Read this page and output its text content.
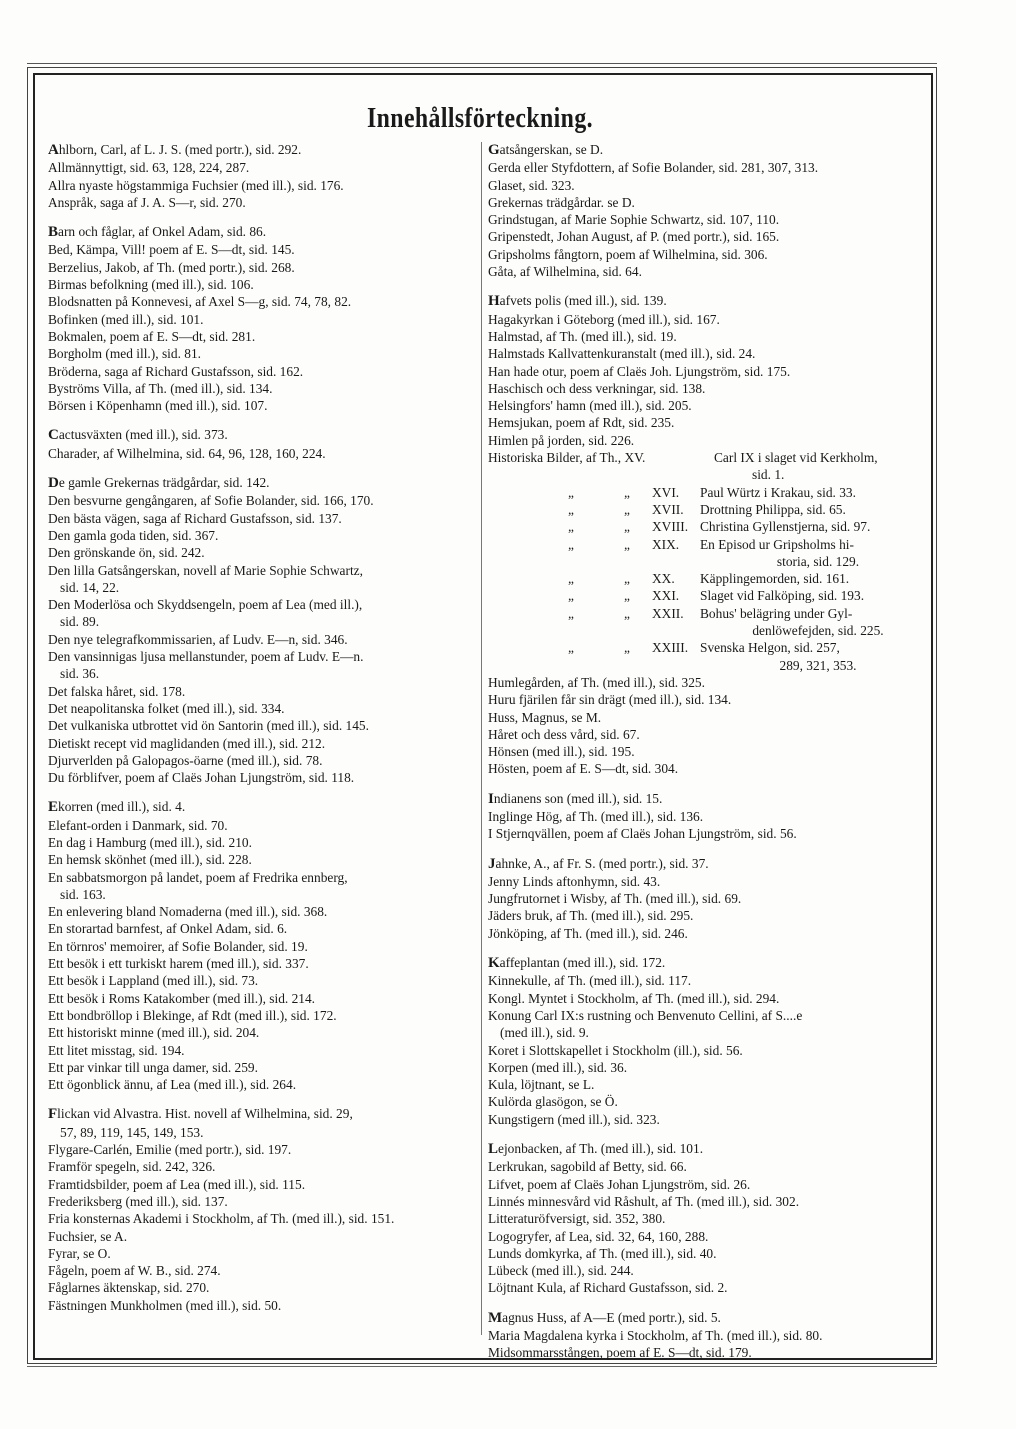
Innehållsförteckning.
Ahlborn, Carl, af L. J. S. (med portr.), sid. 292.
Allmännyttigt, sid. 63, 128, 224, 287.
Allra nyaste högstammiga Fuchsier (med ill.), sid. 176.
Anspråk, saga af J. A. S—r, sid. 270.
Barn och fåglar, af Onkel Adam, sid. 86.
Bed, Kämpa, Vill! poem af E. S—dt, sid. 145.
Berzelius, Jakob, af Th. (med portr.), sid. 268.
Birmas befolkning (med ill.), sid. 106.
Blodsnatten på Konnevesi, af Axel S—g, sid. 74, 78, 82.
Bofinken (med ill.), sid. 101.
Bokmalen, poem af E. S—dt, sid. 281.
Borgholm (med ill.), sid. 81.
Bröderna, saga af Richard Gustafsson, sid. 162.
Byströms Villa, af Th. (med ill.), sid. 134.
Börsen i Köpenhamn (med ill.), sid. 107.
Cactusväxten (med ill.), sid. 373.
Charader, af Wilhelmina, sid. 64, 96, 128, 160, 224.
De gamle Grekernas trädgårdar, sid. 142.
Den besvurne gengångaren, af Sofie Bolander, sid. 166, 170.
Den bästa vägen, saga af Richard Gustafsson, sid. 137.
Den gamla goda tiden, sid. 367.
Den grönskande ön, sid. 242.
Den lilla Gatsångerskan, novell af Marie Sophie Schwartz,
sid. 14, 22.
Den Moderlösa och Skyddsengeln, poem af Lea (med ill.),
sid. 89.
Den nye telegrafkommissarien, af Ludv. E—n, sid. 346.
Den vansinnigas ljusa mellanstunder, poem af Ludv. E—n.
sid. 36.
Det falska håret, sid. 178.
Det neapolitanska folket (med ill.), sid. 334.
Det vulkaniska utbrottet vid ön Santorin (med ill.), sid. 145.
Dietiskt recept vid maglidanden (med ill.), sid. 212.
Djurverlden på Galopagos-öarne (med ill.), sid. 78.
Du förblifver, poem af Claës Johan Ljungström, sid. 118.
Ekorren (med ill.), sid. 4.
Elefant-orden i Danmark, sid. 70.
En dag i Hamburg (med ill.), sid. 210.
En hemsk skönhet (med ill.), sid. 228.
En sabbatsmorgon på landet, poem af Fredrika ennberg,
sid. 163.
En enlevering bland Nomaderna (med ill.), sid. 368.
En storartad barnfest, af Onkel Adam, sid. 6.
En törnros' memoirer, af Sofie Bolander, sid. 19.
Ett besök i ett turkiskt harem (med ill.), sid. 337.
Ett besök i Lappland (med ill.), sid. 73.
Ett besök i Roms Katakomber (med ill.), sid. 214.
Ett bondbröllop i Blekinge, af Rdt (med ill.), sid. 172.
Ett historiskt minne (med ill.), sid. 204.
Ett litet misstag, sid. 194.
Ett par vinkar till unga damer, sid. 259.
Ett ögonblick ännu, af Lea (med ill.), sid. 264.
Flickan vid Alvastra. Hist. novell af Wilhelmina, sid. 29,
57, 89, 119, 145, 149, 153.
Flygare-Carlén, Emilie (med portr.), sid. 197.
Framför spegeln, sid. 242, 326.
Framtidsbilder, poem af Lea (med ill.), sid. 115.
Frederiksberg (med ill.), sid. 137.
Fria konsternas Akademi i Stockholm, af Th. (med ill.), sid. 151.
Fuchsier, se A.
Fyrar, se O.
Fågeln, poem af W. B., sid. 274.
Fåglarnes äktenskap, sid. 270.
Fästningen Munkholmen (med ill.), sid. 50.
Gatsångerskan, se D.
Gerda eller Styfdottern, af Sofie Bolander, sid. 281, 307, 313.
Glaset, sid. 323.
Grekernas trädgårdar. se D.
Grindstugan, af Marie Sophie Schwartz, sid. 107, 110.
Gripenstedt, Johan August, af P. (med portr.), sid. 165.
Gripsholms fångtorn, poem af Wilhelmina, sid. 306.
Gåta, af Wilhelmina, sid. 64.
Hafvets polis (med ill.), sid. 139.
Hagakyrkan i Göteborg (med ill.), sid. 167.
Halmstad, af Th. (med ill.), sid. 19.
Halmstads Kallvattenkuranstalt (med ill.), sid. 24.
Han hade otur, poem af Claës Joh. Ljungström, sid. 175.
Haschisch och dess verkningar, sid. 138.
Helsingfors' hamn (med ill.), sid. 205.
Hemsjukan, poem af Rdt, sid. 235.
Himlen på jorden, sid. 226.
Historiska Bilder, af Th., XV.	Carl IX i slaget vid Kerkholm,
sid. 1.
„	„	XVI.	Paul Würtz i Krakau, sid. 33.
„	„	XVII.	Drottning Philippa, sid. 65.
„	„	XVIII. Christina Gyllenstjerna, sid. 97.
„	„	XIX.	En Episod ur Gripsholms hi-
storia, sid. 129.
„	„	XX.	Käpplingemorden, sid. 161.
„	„	XXI.	Slaget vid Falköping, sid. 193.
„	„	XXII.	Bohus' belägring under Gyl-
denlöwefejden, sid. 225.
„	„	XXIII. Svenska Helgon, sid. 257,
289, 321, 353.
Humlegården, af Th. (med ill.), sid. 325.
Huru fjärilen får sin drägt (med ill.), sid. 134.
Huss, Magnus, se M.
Håret och dess vård, sid. 67.
Hönsen (med ill.), sid. 195.
Hösten, poem af E. S—dt, sid. 304.
Indianens son (med ill.), sid. 15.
Inglinge Hög, af Th. (med ill.), sid. 136.
I Stjernqvällen, poem af Claës Johan Ljungström, sid. 56.
Jahnke, A., af Fr. S. (med portr.), sid. 37.
Jenny Linds aftonhymn, sid. 43.
Jungfrutornet i Wisby, af Th. (med ill.), sid. 69.
Jäders bruk, af Th. (med ill.), sid. 295.
Jönköping, af Th. (med ill.), sid. 246.
Kaffeplantan (med ill.), sid. 172.
Kinnekulle, af Th. (med ill.), sid. 117.
Kongl. Myntet i Stockholm, af Th. (med ill.), sid. 294.
Konung Carl IX:s rustning och Benvenuto Cellini, af S....e
(med ill.), sid. 9.
Koret i Slottskapellet i Stockholm (ill.), sid. 56.
Korpen (med ill.), sid. 36.
Kula, löjtnant, se L.
Kulörda glasögon, se Ö.
Kungstigern (med ill.), sid. 323.
Lejonbacken, af Th. (med ill.), sid. 101.
Lerkrukan, sagobild af Betty, sid. 66.
Lifvet, poem af Claës Johan Ljungström, sid. 26.
Linnés minnesvård vid Råshult, af Th. (med ill.), sid. 302.
Litteraturöfversigt, sid. 352, 380.
Logogryfer, af Lea, sid. 32, 64, 160, 288.
Lunds domkyrka, af Th. (med ill.), sid. 40.
Lübeck (med ill.), sid. 244.
Löjtnant Kula, af Richard Gustafsson, sid. 2.
Magnus Huss, af A—E (med portr.), sid. 5.
Maria Magdalena kyrka i Stockholm, af Th. (med ill.), sid. 80.
Midsommarsstången, poem af E. S—dt, sid. 179.
